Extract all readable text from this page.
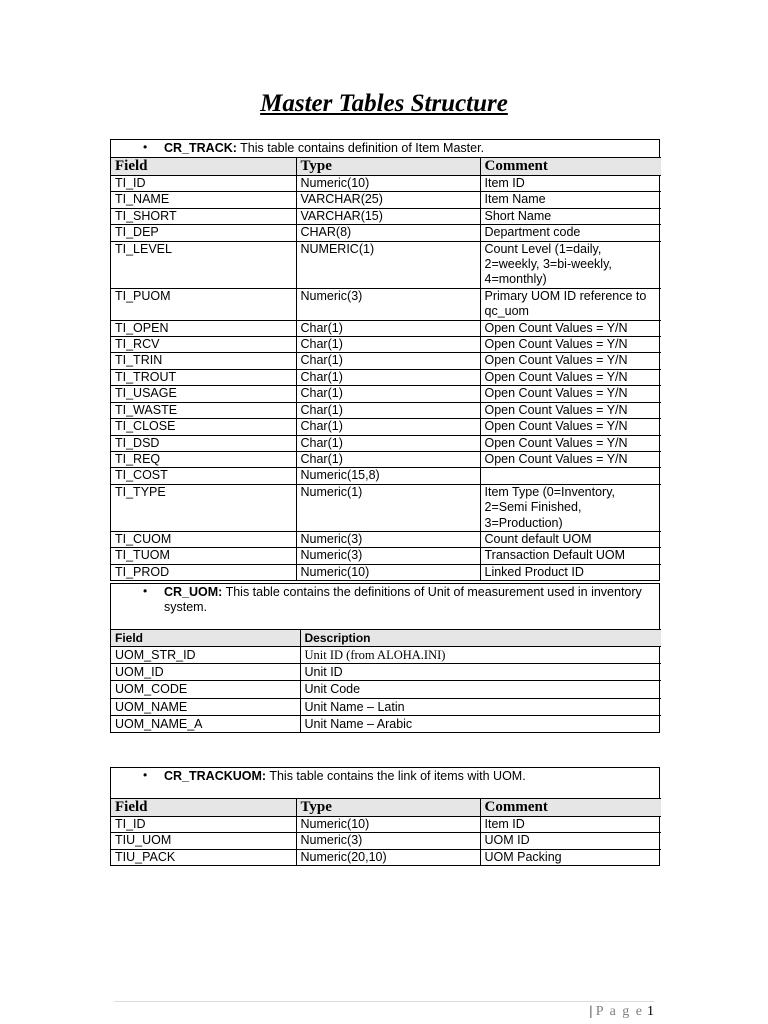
Master Tables Structure
• CR_TRACK: This table contains definition of Item Master.
Field	Type	Comment
TI_ID	Numeric(10)	Item ID
TI_NAME	VARCHAR(25)	Item Name
TI_SHORT	VARCHAR(15)	Short Name
TI_DEP	CHAR(8)	Department code
TI_LEVEL	NUMERIC(1)	Count Level (1=daily, 2=weekly, 3=bi-weekly, 4=monthly)
TI_PUOM	Numeric(3)	Primary UOM ID reference to qc_uom
TI_OPEN	Char(1)	Open Count Values = Y/N
TI_RCV	Char(1)	Open Count Values = Y/N
TI_TRIN	Char(1)	Open Count Values = Y/N
TI_TROUT	Char(1)	Open Count Values = Y/N
TI_USAGE	Char(1)	Open Count Values = Y/N
TI_WASTE	Char(1)	Open Count Values = Y/N
TI_CLOSE	Char(1)	Open Count Values = Y/N
TI_DSD	Char(1)	Open Count Values = Y/N
TI_REQ	Char(1)	Open Count Values = Y/N
TI_COST	Numeric(15,8)	
TI_TYPE	Numeric(1)	Item Type (0=Inventory, 2=Semi Finished, 3=Production)
TI_CUOM	Numeric(3)	Count default UOM
TI_TUOM	Numeric(3)	Transaction Default UOM
TI_PROD	Numeric(10)	Linked Product ID
• CR_UOM: This table contains the definitions of Unit of measurement used in inventory system.
Field	Description
UOM_STR_ID	Unit ID (from ALOHA.INI)
UOM_ID	Unit ID
UOM_CODE	Unit Code
UOM_NAME	Unit Name – Latin
UOM_NAME_A	Unit Name – Arabic
• CR_TRACKUOM: This table contains the link of items with UOM.
Field	Type	Comment
TI_ID	Numeric(10)	Item ID
TIU_UOM	Numeric(3)	UOM ID
TIU_PACK	Numeric(20,10)	UOM Packing
| P a g e 1
